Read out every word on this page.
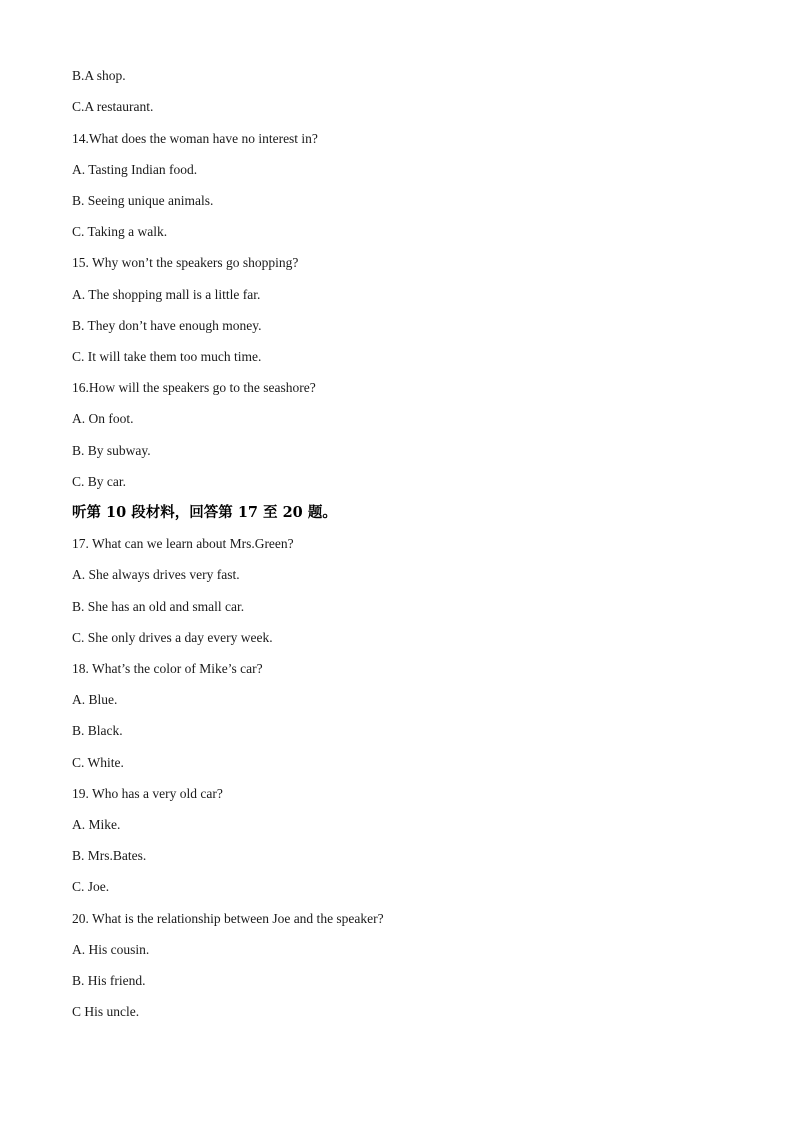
B.A shop.
C.A restaurant.
14.What does the woman have no interest in?
A. Tasting Indian food.
B. Seeing unique animals.
C. Taking a walk.
15. Why won’t the speakers go shopping?
A. The shopping mall is a little far.
B. They don’t have enough money.
C. It will take them too much time.
16.How will the speakers go to the seashore?
A. On foot.
B. By subway.
C. By car.
听第 10 段材料，回答第 17 至 20 题。
17. What can we learn about Mrs.Green?
A. She always drives very fast.
B. She has an old and small car.
C. She only drives a day every week.
18. What’s the color of Mike’s car?
A. Blue.
B. Black.
C. White.
19. Who has a very old car?
A. Mike.
B. Mrs.Bates.
C. Joe.
20. What is the relationship between Joe and the speaker?
A. His cousin.
B. His friend.
C His uncle.
